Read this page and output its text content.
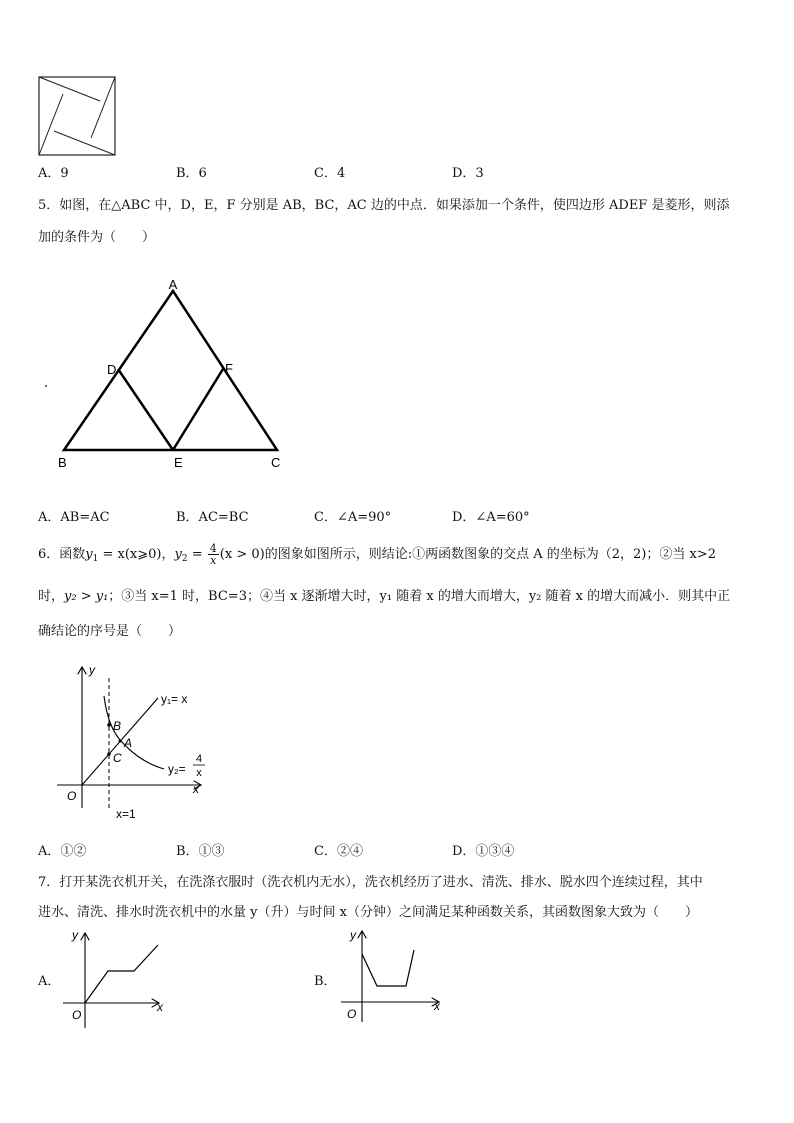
A．9	B．6	C．4	D．3
5．如图，在△ABC 中，D，E，F 分别是 AB，BC，AC 边的中点．如果添加一个条件，使四边形 ADEF 是菱形，则添
加的条件为（　　）
A
D	F
B	E	C
A．AB=AC	B．AC=BC	C．∠A=90°	D．∠A=60°
6．函数$y_1$ = x(x⩾0)，$y_2 = \frac{4}{x} (x > 0)$的图象如图所示，则结论:①两函数图象的交点 A 的坐标为（2，2)；②当 x>2
时，y₂ > y₁；③当 x=1 时，BC=3；④当 x 逐渐增大时，y₁ 随着 x 的增大而增大，y₂ 随着 x 的增大而减小．则其中正
确结论的序号是（　　）
y
x
O
y₁= x
y₂=
4
x
B
A
C
x=1
A．①②	B．①③	C．②④	D．①③④
7．打开某洗衣机开关，在洗涤衣服时（洗衣机内无水），洗衣机经历了进水、清洗、排水、脱水四个连续过程，其中
进水、清洗、排水时洗衣机中的水量 y（升）与时间 x（分钟）之间满足某种函数关系，其函数图象大致为（　　）
A．
y
x
O
B．
y
x
O
